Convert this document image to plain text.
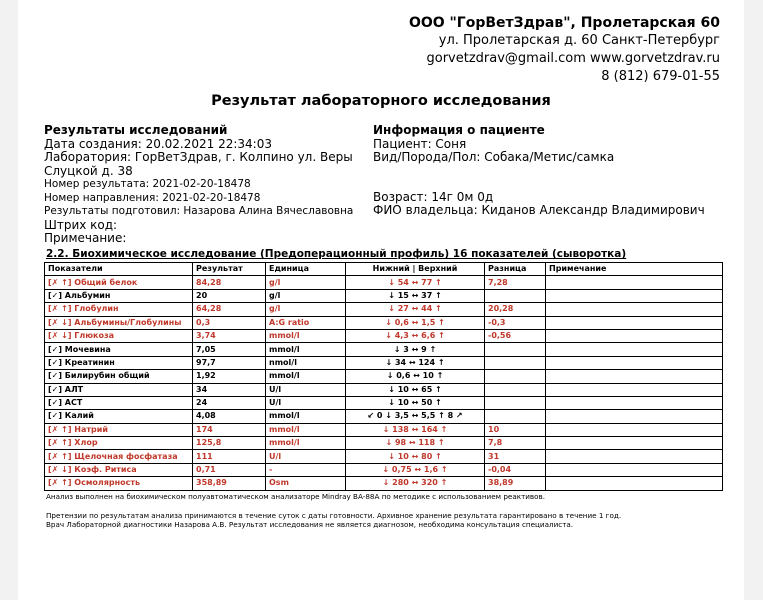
ООО "ГорВетЗдрав", Пролетарская 60
ул. Пролетарская д. 60 Санкт-Петербург
gorvetzdrav@gmail.com www.gorvetzdrav.ru
8 (812) 679-01-55
Результат лабораторного исследования
Результаты исследований
Дата создания: 20.02.2021 22:34:03
Лаборатория: ГорВетЗдрав, г. Колпино ул. Веры
Слуцкой д. 38
Номер результата: 2021-02-20-18478
Номер направления: 2021-02-20-18478
Результаты подготовил: Назарова Алина Вячеславовна
Штрих код:
Примечание:
Информация о пациенте
Пациент: Соня
Вид/Порода/Пол: Собака/Метис/самка
Возраст: 14г 0м 0д
ФИО владельца: Киданов Александр Владимирович
2.2. Биохимическое исследование (Предоперационный профиль) 16 показателей (сыворотка)
Показатели	Результат	Единица	Нижний | Верхний	Разница	Примечание
[✗ ↑] Общий белок	84,28	g/l	↓ 54 ↔ 77 ↑	7,28	
[✓] Альбумин	20	g/l	↓ 15 ↔ 37 ↑		
[✗ ↑] Глобулин	64,28	g/l	↓ 27 ↔ 44 ↑	20,28	
[✗ ↓] Альбумины/Глобулины	0,3	A:G ratio	↓ 0,6 ↔ 1,5 ↑	-0,3	
[✗ ↓] Глюкоза	3,74	mmol/l	↓ 4,3 ↔ 6,6 ↑	-0,56	
[✓] Мочевина	7,05	mmol/l	↓ 3 ↔ 9 ↑		
[✓] Креатинин	97,7	nmol/l	↓ 34 ↔ 124 ↑		
[✓] Билирубин общий	1,92	mmol/l	↓ 0,6 ↔ 10 ↑		
[✓] АЛТ	34	U/l	↓ 10 ↔ 65 ↑		
[✓] АСТ	24	U/l	↓ 10 ↔ 50 ↑		
[✓] Калий	4,08	mmol/l	↙ 0 ↓ 3,5 ↔ 5,5 ↑ 8 ↗		
[✗ ↑] Натрий	174	mmol/l	↓ 138 ↔ 164 ↑	10	
[✗ ↑] Хлор	125,8	mmol/l	↓ 98 ↔ 118 ↑	7,8	
[✗ ↑] Щелочная фосфатаза	111	U/l	↓ 10 ↔ 80 ↑	31	
[✗ ↓] Коэф. Ритиса	0,71	-	↓ 0,75 ↔ 1,6 ↑	-0,04	
[✗ ↑] Осмолярность	358,89	Osm	↓ 280 ↔ 320 ↑	38,89	
Анализ выполнен на биохимическом полуавтоматическом анализаторе Mindray BA-88A по методике с использованием реактивов.
Претензии по результатам анализа принимаются в течение суток с даты готовности. Архивное хранение результата гарантировано в течение 1 год.
Врач Лабораторной диагностики Назарова А.В. Результат исследования не является диагнозом, необходима консультация специалиста.
